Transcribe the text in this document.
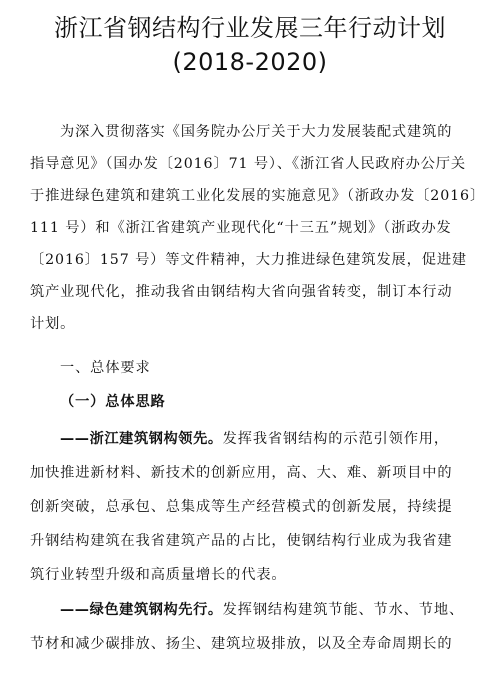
浙江省钢结构行业发展三年行动计划
(2018-2020)
为深入贯彻落实《国务院办公厅关于大力发展装配式建筑的
指导意见》（国办发〔2016〕71 号）、《浙江省人民政府办公厅关
于推进绿色建筑和建筑工业化发展的实施意见》（浙政办发〔2016〕
111 号）和《浙江省建筑产业现代化“十三五”规划》（浙政办发
〔2016〕157 号）等文件精神，大力推进绿色建筑发展，促进建
筑产业现代化，推动我省由钢结构大省向强省转变，制订本行动
计划。
一、总体要求
（一）总体思路
——浙江建筑钢构领先。发挥我省钢结构的示范引领作用，
加快推进新材料、新技术的创新应用，高、大、难、新项目中的
创新突破，总承包、总集成等生产经营模式的创新发展，持续提
升钢结构建筑在我省建筑产品的占比，使钢结构行业成为我省建
筑行业转型升级和高质量增长的代表。
——绿色建筑钢构先行。发挥钢结构建筑节能、节水、节地、
节材和减少碳排放、扬尘、建筑垃圾排放，以及全寿命周期长的
